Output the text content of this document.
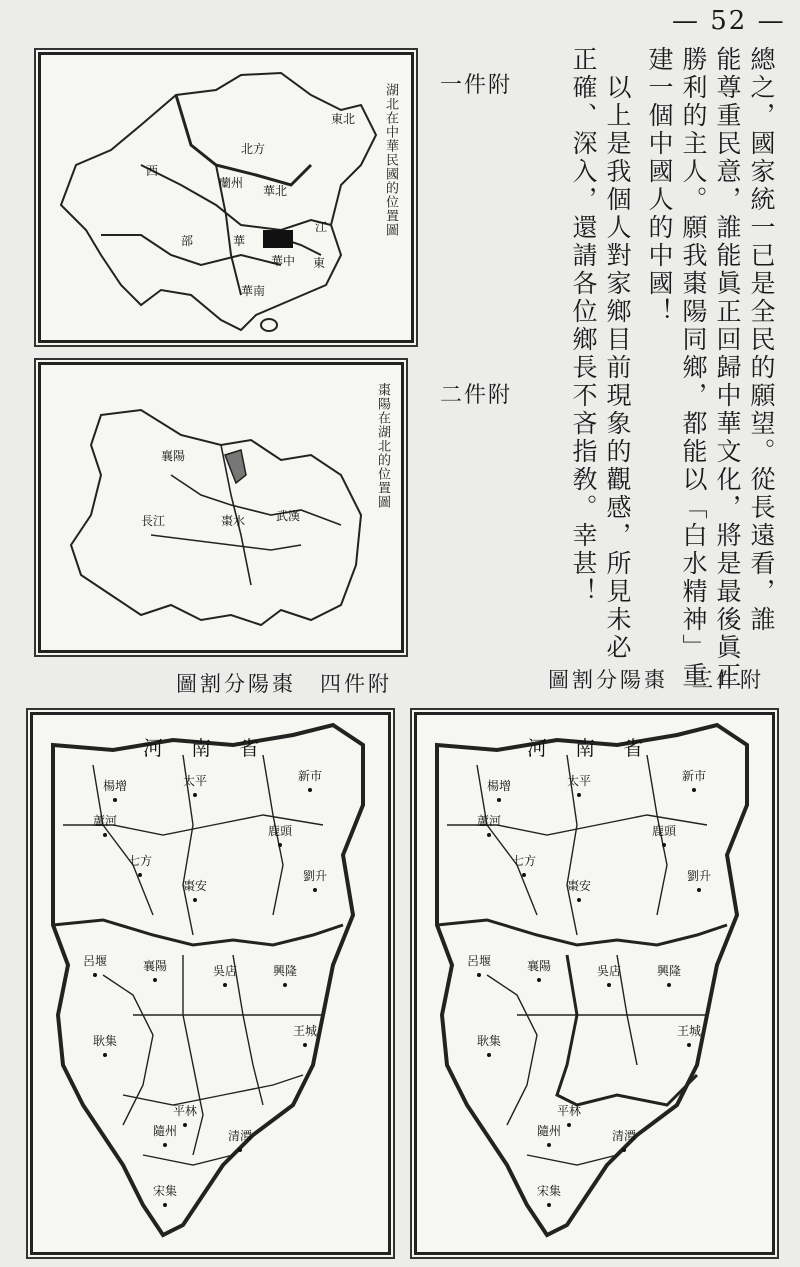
— 52 —
東北
北方
西
蘭州
華北
部	華
華中
華南
東
江	湖北在中華民國的位置圖 一件附
襄陽
棗水	武漢
長江
棗陽在湖北的位置圖 二件附	總之，國家統一已是全民的願望。從長遠看，誰
能尊重民意，誰能眞正回歸中華文化，將是最後眞正
勝利的主人。願我棗陽同鄉，都能以「白水精神」重
建一個中國人的中國！
　以上是我個人對家鄉目前現象的觀感，所見未必
正確、深入，還請各位鄉長不吝指敎。幸甚！
圖割分陽棗　四件附	圖割分陽棗　三件附
河南省
楊增	太平	新市
蘆河
鹿頭
七方
棗安
劉升
呂堰	襄陽	吳店	興隆
耿集
王城
平林
隨州	清潭
宋集
河南省
楊增	太平	新市
蘆河
鹿頭
七方
棗安
劉升
呂堰	襄陽	吳店	興隆
耿集
王城
平林
隨州	清潭
宋集
